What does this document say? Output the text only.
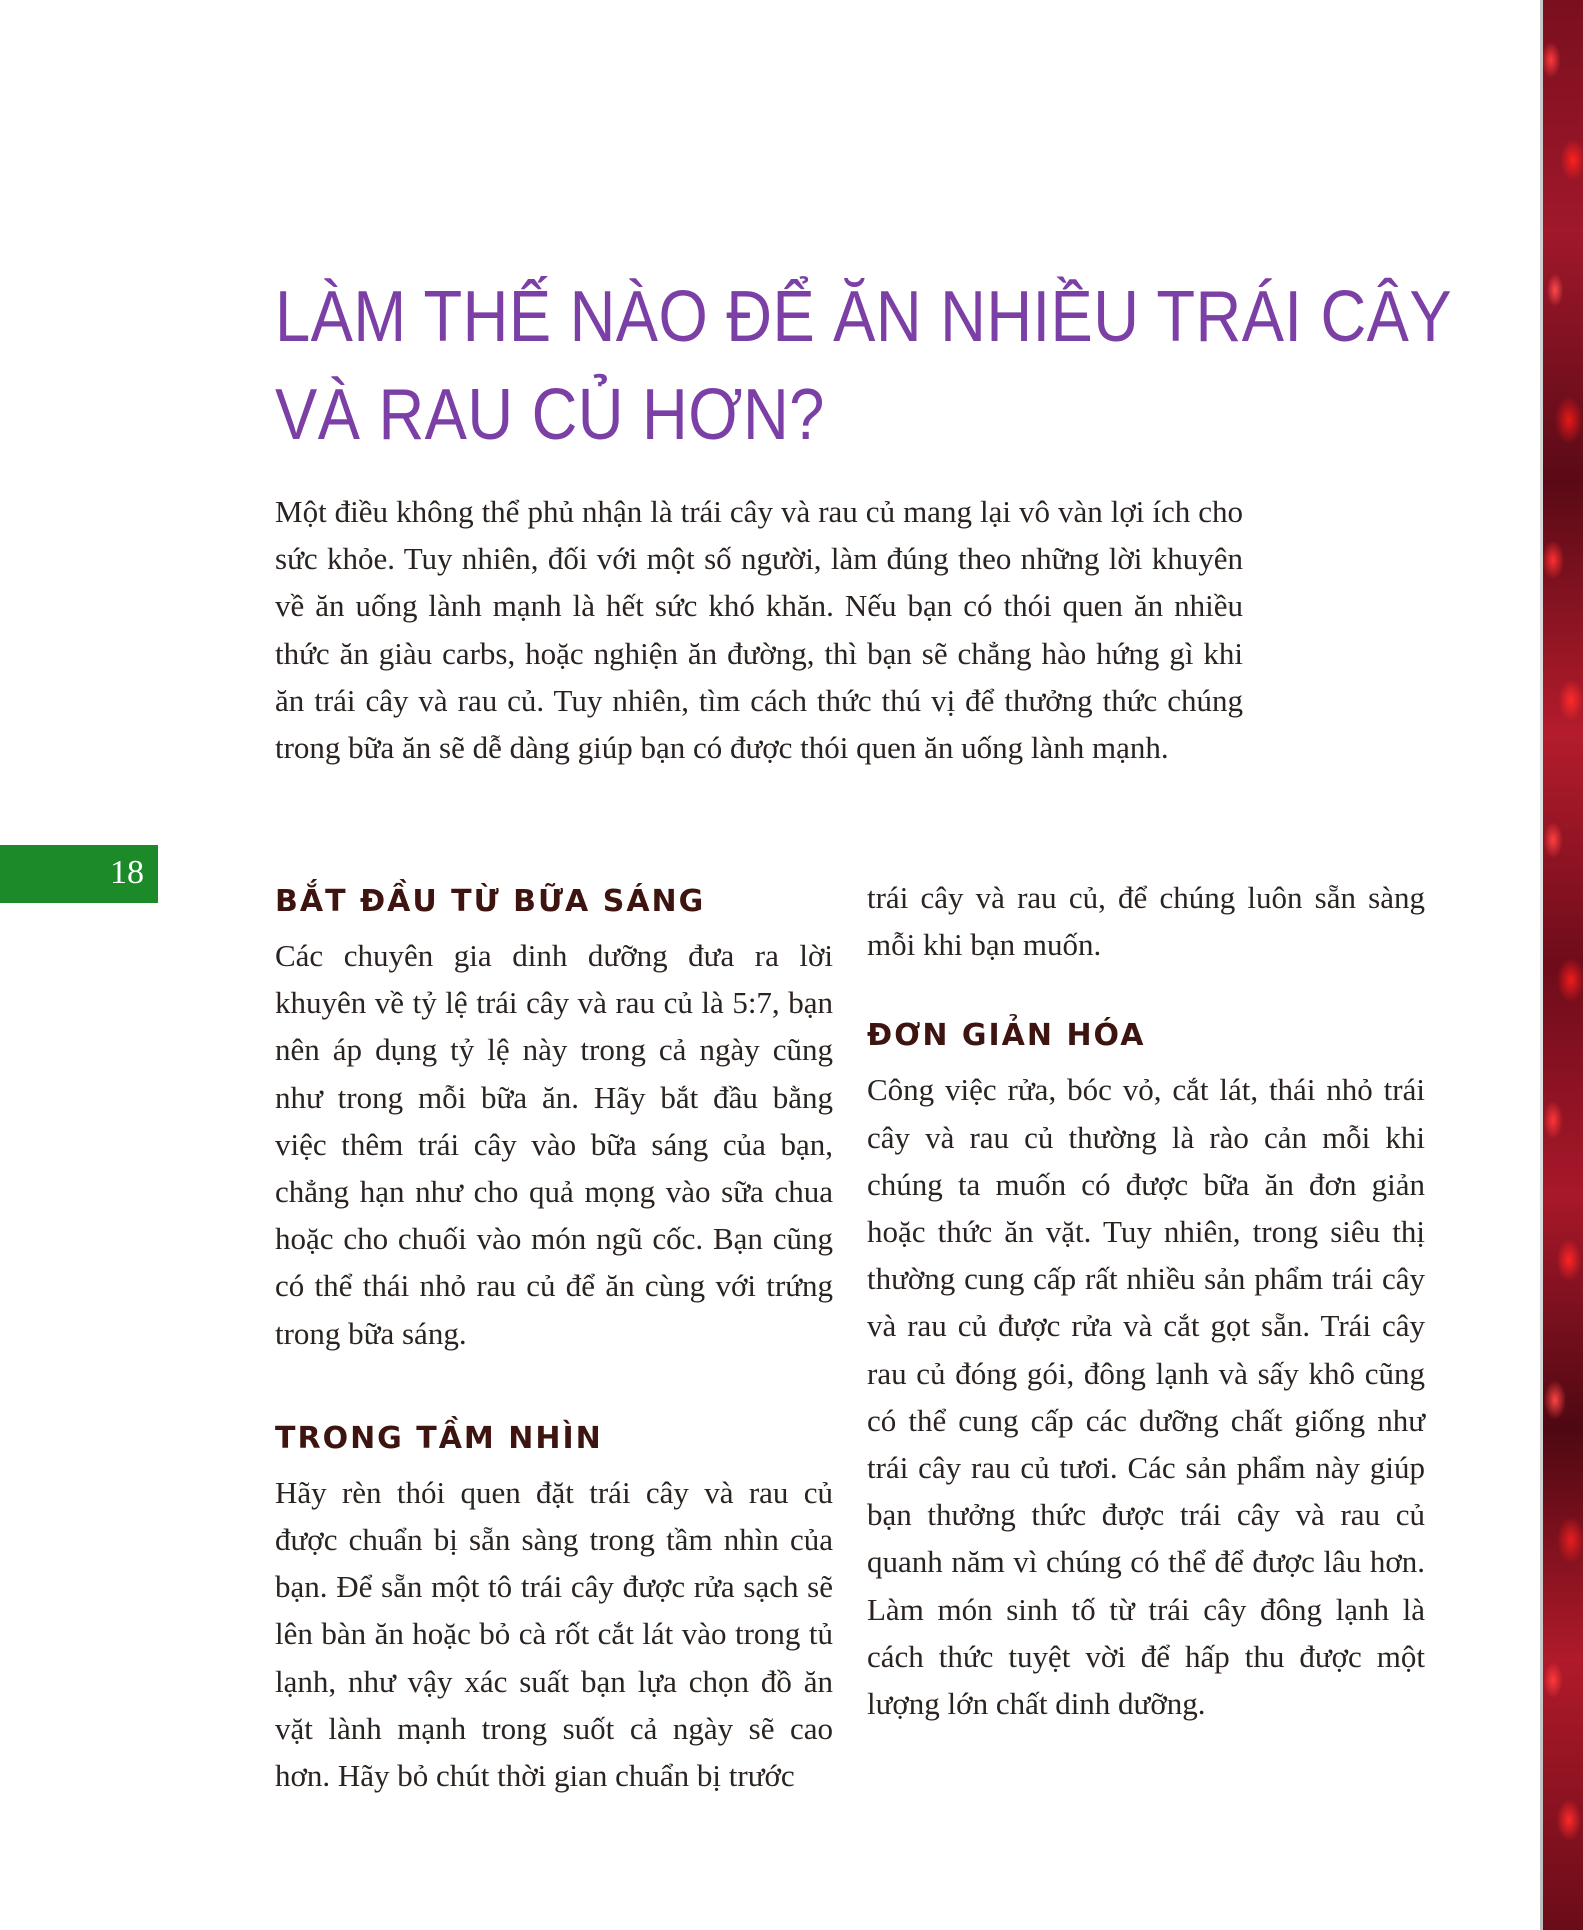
LÀM THẾ NÀO ĐỂ ĂN NHIỀU TRÁI CÂY
VÀ RAU CỦ HƠN?

Một điều không thể phủ nhận là trái cây và rau củ mang lại vô vàn lợi ích cho sức khỏe. Tuy nhiên, đối với một số người, làm đúng theo những lời khuyên về ăn uống lành mạnh là hết sức khó khăn. Nếu bạn có thói quen ăn nhiều thức ăn giàu carbs, hoặc nghiện ăn đường, thì bạn sẽ chẳng hào hứng gì khi ăn trái cây và rau củ. Tuy nhiên, tìm cách thức thú vị để thưởng thức chúng trong bữa ăn sẽ dễ dàng giúp bạn có được thói quen ăn uống lành mạnh.

18
BẮT ĐẦU TỪ BỮA SÁNG

Các chuyên gia dinh dưỡng đưa ra lời khuyên về tỷ lệ trái cây và rau củ là 5:7, bạn nên áp dụng tỷ lệ này trong cả ngày cũng như trong mỗi bữa ăn. Hãy bắt đầu bằng việc thêm trái cây vào bữa sáng của bạn, chẳng hạn như cho quả mọng vào sữa chua hoặc cho chuối vào món ngũ cốc. Bạn cũng có thể thái nhỏ rau củ để ăn cùng với trứng trong bữa sáng.

TRONG TẦM NHÌN

Hãy rèn thói quen đặt trái cây và rau củ được chuẩn bị sẵn sàng trong tầm nhìn của bạn. Để sẵn một tô trái cây được rửa sạch sẽ lên bàn ăn hoặc bỏ cà rốt cắt lát vào trong tủ lạnh, như vậy xác suất bạn lựa chọn đồ ăn vặt lành mạnh trong suốt cả ngày sẽ cao hơn. Hãy bỏ chút thời gian chuẩn bị trước

trái cây và rau củ, để chúng luôn sẵn sàng mỗi khi bạn muốn.

ĐƠN GIẢN HÓA

Công việc rửa, bóc vỏ, cắt lát, thái nhỏ trái cây và rau củ thường là rào cản mỗi khi chúng ta muốn có được bữa ăn đơn giản hoặc thức ăn vặt. Tuy nhiên, trong siêu thị thường cung cấp rất nhiều sản phẩm trái cây và rau củ được rửa và cắt gọt sẵn. Trái cây rau củ đóng gói, đông lạnh và sấy khô cũng có thể cung cấp các dưỡng chất giống như trái cây rau củ tươi. Các sản phẩm này giúp bạn thưởng thức được trái cây và rau củ quanh năm vì chúng có thể để được lâu hơn. Làm món sinh tố từ trái cây đông lạnh là cách thức tuyệt vời để hấp thu được một lượng lớn chất dinh dưỡng.
